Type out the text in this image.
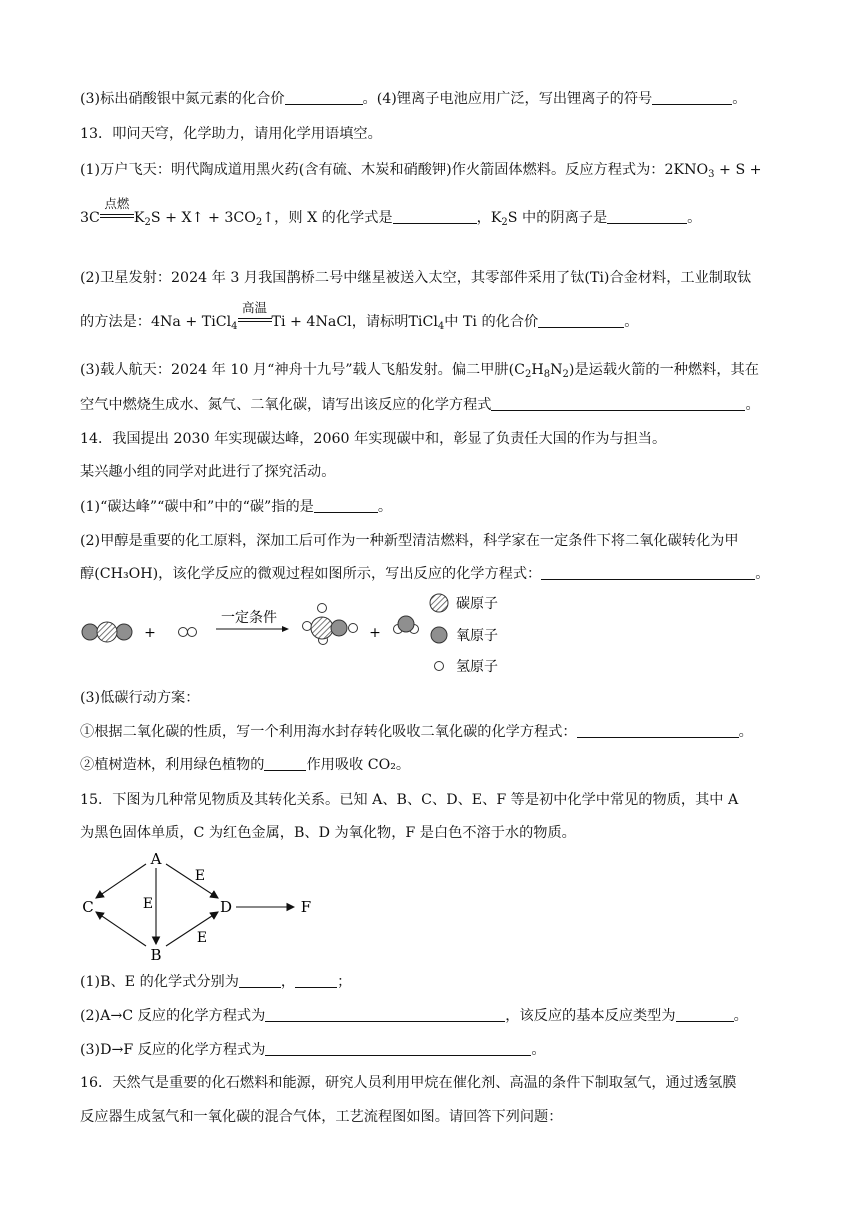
(3)标出硝酸银中氮元素的化合价	。(4)锂离子电池应用广泛，写出锂离子的符号	。
13．叩问天穹，化学助力，请用化学用语填空。
(1)万户飞天：明代陶成道用黑火药(含有硫、木炭和硝酸钾)作火箭固体燃料。反应方程式为：$2KNO_3 + S$ +
3C
点燃
$K_2S$ + X↑ + $3CO_2↑$，则 X 的化学式是	，$K_2S$ 中的阴离子是	。
(2)卫星发射：2024 年 3 月我国鹊桥二号中继星被送入太空，其零部件采用了钛(Ti)合金材料，工业制取钛
的方法是：4Na + TiCl$_4$
高温
Ti + 4NaCl，请标明TiCl$_4$中 Ti 的化合价	。
(3)载人航天：2024 年 10 月“神舟十九号”载人飞船发射。偏二甲肼$(C_2H_8N_2)$是运载火箭的一种燃料，其在
空气中燃烧生成水、氮气、二氧化碳，请写出该反应的化学方程式	。
14．我国提出 2030 年实现碳达峰，2060 年实现碳中和，彰显了负责任大国的作为与担当。
某兴趣小组的同学对此进行了探究活动。
(1)“碳达峰”“碳中和”中的“碳”指的是	。
(2)甲醇是重要的化工原料，深加工后可作为一种新型清洁燃料，科学家在一定条件下将二氧化碳转化为甲
醇(CH₃OH)，该化学反应的微观过程如图所示，写出反应的化学方程式：	。
+
一定条件
+
碳原子
氧原子
氢原子
(3)低碳行动方案：
①根据二氧化碳的性质，写一个利用海水封存转化吸收二氧化碳的化学方程式：	。
②植树造林，利用绿色植物的	作用吸收 CO₂。
15．下图为几种常见物质及其转化关系。已知 A、B、C、D、E、F 等是初中化学中常见的物质，其中 A
为黑色固体单质，C 为红色金属，B、D 为氧化物，F 是白色不溶于水的物质。
A
B
C	D	F
E
E
E
(1)B、E 的化学式分别为	，	；
(2)A→C 反应的化学方程式为	，该反应的基本反应类型为	。
(3)D→F 反应的化学方程式为	。
16．天然气是重要的化石燃料和能源，研究人员利用甲烷在催化剂、高温的条件下制取氢气，通过透氢膜
反应器生成氢气和一氧化碳的混合气体，工艺流程图如图。请回答下列问题：
